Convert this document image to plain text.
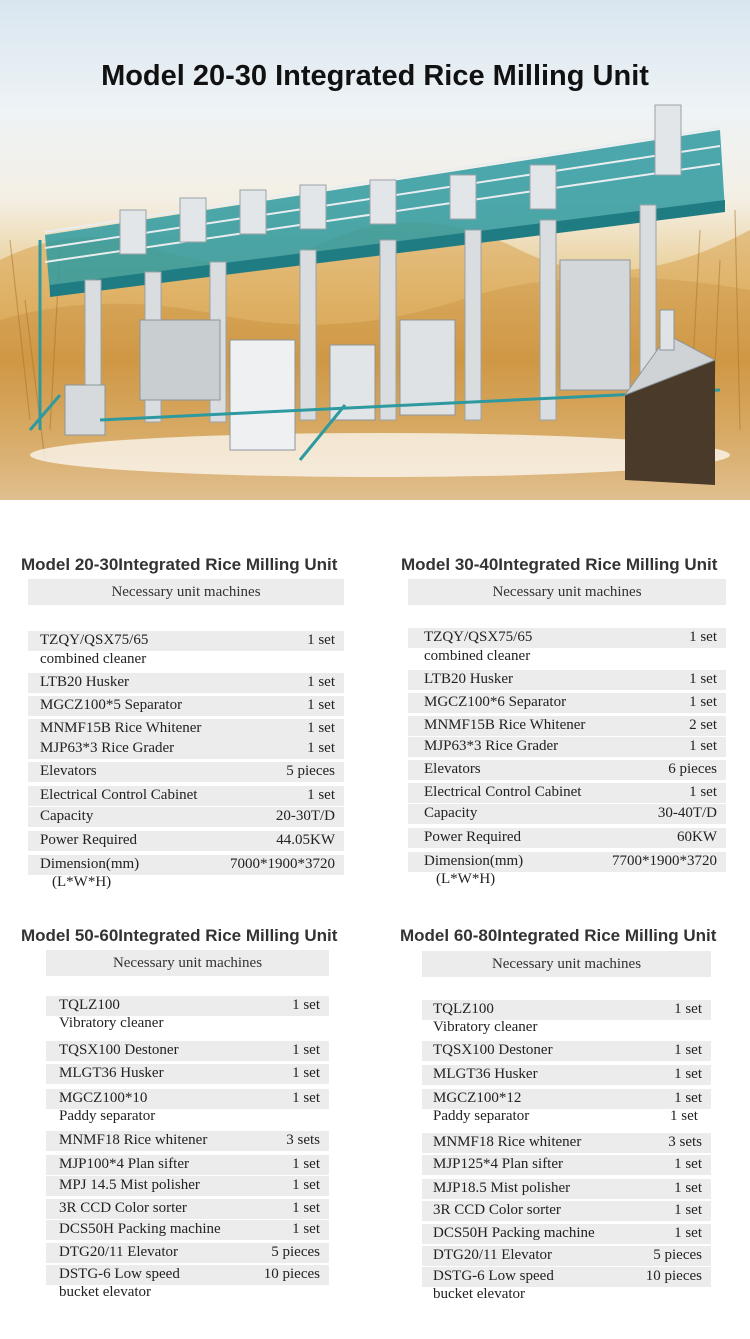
Model 20-30 Integrated Rice Milling Unit
Model 20-30Integrated Rice Milling Unit
Necessary unit machines
TZQY/QSX75/65	1 set
combined cleaner
LTB20 Husker	1 set
MGCZ100*5 Separator	1 set
MNMF15B Rice Whitener	1 set
MJP63*3 Rice Grader	1 set
Elevators	5 pieces
Electrical Control Cabinet	1 set
Capacity	20-30T/D
Power Required	44.05KW
Dimension(mm)	7000*1900*3720
(L*W*H)
Model 30-40Integrated Rice Milling Unit
Necessary unit machines
TZQY/QSX75/65	1 set
combined cleaner
LTB20 Husker	1 set
MGCZ100*6 Separator	1 set
MNMF15B Rice Whitener	2 set
MJP63*3 Rice Grader	1 set
Elevators	6 pieces
Electrical Control Cabinet	1 set
Capacity	30-40T/D
Power Required	60KW
Dimension(mm)	7700*1900*3720
(L*W*H)
Model 50-60Integrated Rice Milling Unit
Necessary unit machines
TQLZ100	1 set
Vibratory cleaner
TQSX100 Destoner	1 set
MLGT36 Husker	1 set
MGCZ100*10	1 set
Paddy separator
MNMF18 Rice whitener	3 sets
MJP100*4 Plan sifter	1 set
MPJ 14.5 Mist polisher	1 set
3R CCD Color sorter	1 set
DCS50H Packing machine	1 set
DTG20/11 Elevator	5 pieces
DSTG-6 Low speed	10 pieces
bucket elevator
Model 60-80Integrated Rice Milling Unit
Necessary unit machines
TQLZ100	1 set
Vibratory cleaner
TQSX100 Destoner	1 set
MLGT36 Husker	1 set
MGCZ100*12	1 set
Paddy separator	1 set
MNMF18 Rice whitener	3 sets
MJP125*4 Plan sifter	1 set
MJP18.5 Mist polisher	1 set
3R CCD Color sorter	1 set
DCS50H Packing machine	1 set
DTG20/11 Elevator	5 pieces
DSTG-6 Low speed	10 pieces
bucket elevator
